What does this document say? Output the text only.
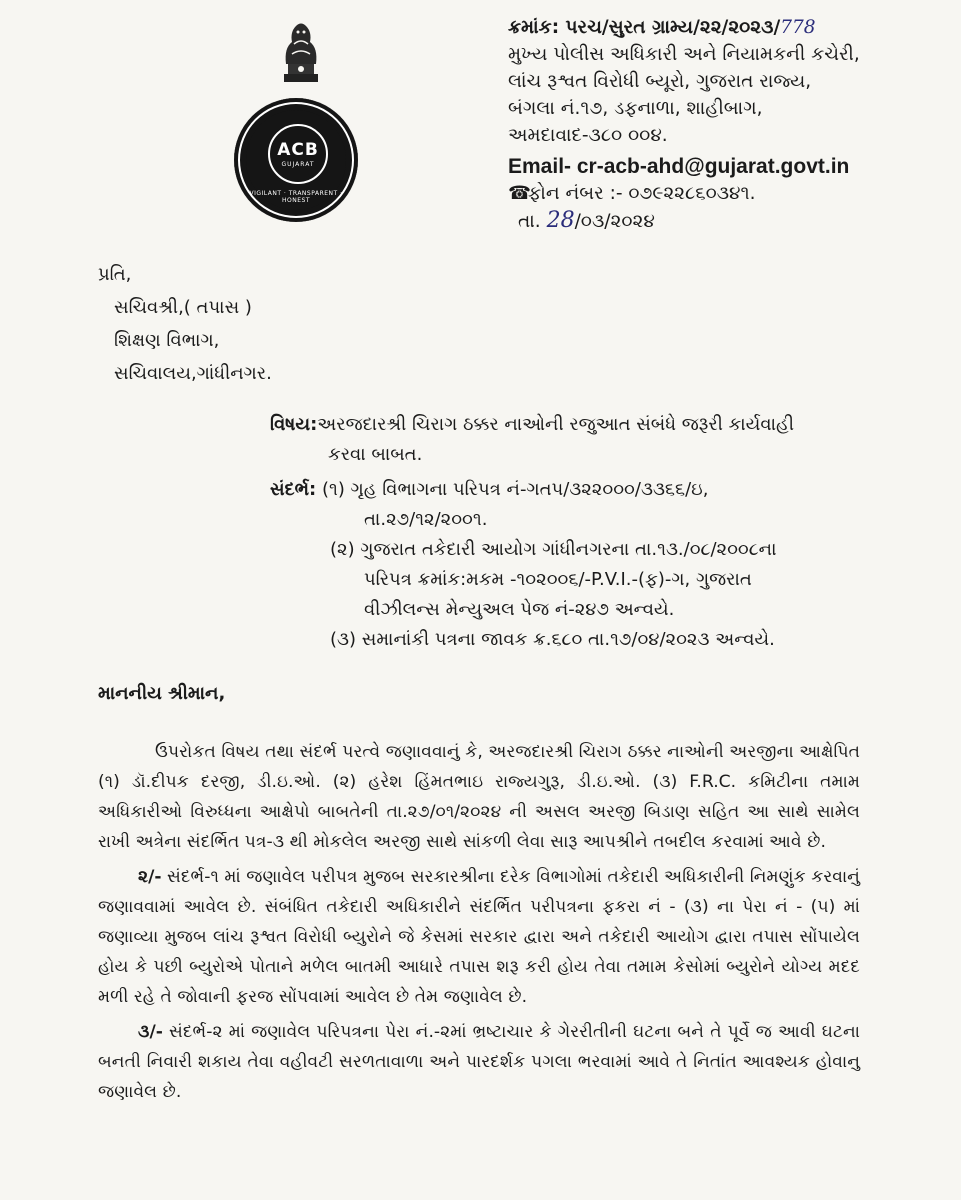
ACB
GUJARAT
VIGILANT · TRANSPARENT · HONEST
ક્રમાંક: પરચ/સુરત ગ્રામ્ય/૨૨/૨૦૨૩/778
મુખ્ય પોલીસ અધિકારી અને નિયામકની કચેરી,
લાંચ રૂશ્વત વિરોધી બ્યૂરો, ગુજરાત રાજ્ય,
બંગલા નં.૧૭, ડફનાળા, શાહીબાગ,
અમદાવાદ-૩૮૦ ૦૦૪.
Email- cr-acb-ahd@gujarat.govt.in
☎ફોન નંબર :- ૦૭૯૨૨૮૬૦૩૪૧.
તા. 28/૦૩/૨૦૨૪
પ્રતિ,
સચિવશ્રી,( તપાસ )
શિક્ષણ વિભાગ,
સચિવાલય,ગાંધીનગર.
વિષય:અરજદારશ્રી ચિરાગ ઠક્કર નાઓની રજુઆત સંબંધે જરૂરી કાર્યવાહી
કરવા બાબત.
સંદર્ભ: (૧) ગૃહ વિભાગના પરિપત્ર નં-ગતપ/૩૨૨૦૦૦/૩૩૬૬/ઇ,
તા.૨૭/૧૨/૨૦૦૧.
(૨) ગુજરાત તકેદારી આયોગ ગાંધીનગરના તા.૧૩./૦૮/૨૦૦૮ના
પરિપત્ર ક્રમાંક:મકમ -૧૦૨૦૦૬/-P.V.I.-(ફ)-ગ, ગુજરાત
વીઝીલન્સ મેન્યુઅલ પેજ નં-૨૪૭ અન્વયે.
(૩) સમાનાંકી પત્રના જાવક ક્ર.૬૮૦ તા.૧૭/૦૪/૨૦૨૩ અન્વયે.
માનનીય શ્રીમાન,

ઉપરોકત વિષય તથા સંદર્ભ પરત્વે જણાવવાનું કે, અરજદારશ્રી ચિરાગ ઠક્કર નાઓની અરજીના આક્ષેપિત (૧) ડૉ.દીપક દરજી, ડી.ઇ.ઓ. (૨) હરેશ હિંમતભાઇ રાજ્યગુરૂ, ડી.ઇ.ઓ. (૩) F.R.C. કમિટીના તમામ અધિકારીઓ વિરુધ્ધના આક્ષેપો બાબતેની તા.૨૭/૦૧/૨૦૨૪ ની અસલ અરજી બિડાણ સહિત આ સાથે સામેલ રાખી અત્રેના સંદર્ભિત પત્ર-૩ થી મોકલેલ અરજી સાથે સાંકળી લેવા સારૂ આપશ્રીને તબદીલ કરવામાં આવે છે.

૨/- સંદર્ભ-૧ માં જણાવેલ પરીપત્ર મુજબ સરકારશ્રીના દરેક વિભાગોમાં તકેદારી અધિકારીની નિમણુંક કરવાનું જણાવવામાં આવેલ છે. સંબંધિત તકેદારી અધિકારીને સંદર્ભિત પરીપત્રના ફકરા નં - (૩) ના પેરા નં - (૫) માં જણાવ્યા મુજબ લાંચ રૂશ્વત વિરોધી બ્યુરોને જે કેસમાં સરકાર દ્વારા અને તકેદારી આયોગ દ્વારા તપાસ સોંપાયેલ હોય કે પછી બ્યુરોએ પોતાને મળેલ બાતમી આધારે તપાસ શરૂ કરી હોય તેવા તમામ કેસોમાં બ્યુરોને યોગ્ય મદદ મળી રહે તે જોવાની ફરજ સોંપવામાં આવેલ છે તેમ જણાવેલ છે.

૩/- સંદર્ભ-૨ માં જણાવેલ પરિપત્રના પેરા નં.-૨માં ભ્રષ્ટાચાર કે ગેરરીતીની ઘટના બને તે પૂર્વે જ આવી ઘટના બનતી નિવારી શકાય તેવા વહીવટી સરળતાવાળા અને પારદર્શક પગલા ભરવામાં આવે તે નિતાંત આવશ્યક હોવાનુ જણાવેલ છે.
